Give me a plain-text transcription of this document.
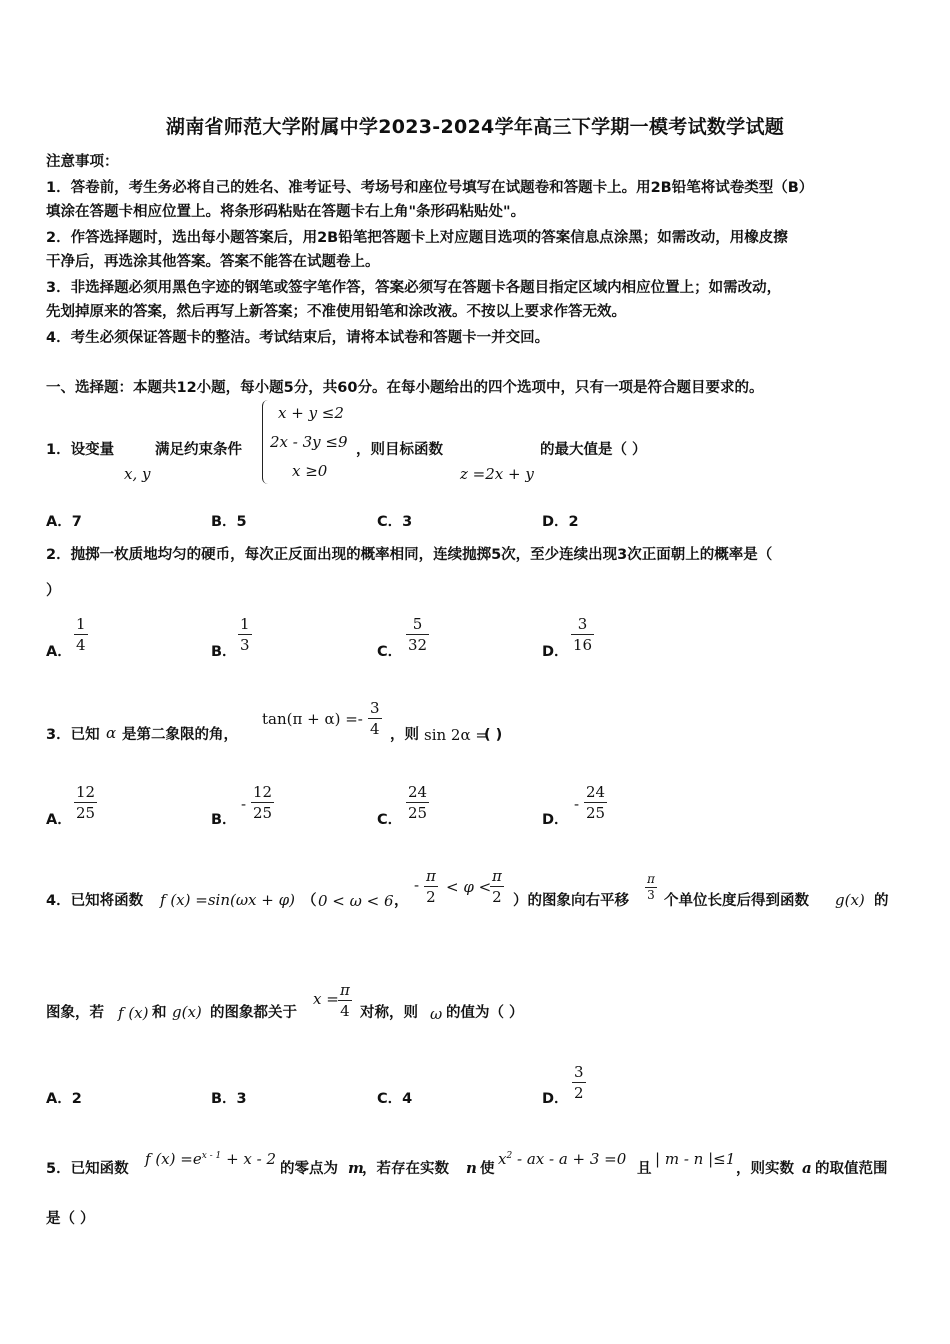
湖南省师范大学附属中学2023-2024学年高三下学期一模考试数学试题
注意事项：
1．答卷前，考生务必将自己的姓名、准考证号、考场号和座位号填写在试题卷和答题卡上。用2B铅笔将试卷类型（B）
填涂在答题卡相应位置上。将条形码粘贴在答题卡右上角"条形码粘贴处"。
2．作答选择题时，选出每小题答案后，用2B铅笔把答题卡上对应题目选项的答案信息点涂黑；如需改动，用橡皮擦
干净后，再选涂其他答案。答案不能答在试题卷上。
3．非选择题必须用黑色字迹的钢笔或签字笔作答，答案必须写在答题卡各题目指定区域内相应位置上；如需改动，
先划掉原来的答案，然后再写上新答案；不准使用铅笔和涂改液。不按以上要求作答无效。
4．考生必须保证答题卡的整洁。考试结束后，请将本试卷和答题卡一并交回。
一、选择题：本题共12小题，每小题5分，共60分。在每小题给出的四个选项中，只有一项是符合题目要求的。
1．设变量
x, y
满足约束条件
x + y ≤2
2x - 3y ≤9
x ≥0
，则目标函数
z =2x + y
的最大值是（ ）
A．7	B．5	C．3	D．2
2．抛掷一枚质地均匀的硬币，每次正反面出现的概率相同，连续抛掷5次，至少连续出现3次正面朝上的概率是（
）
A． $\frac{1}{4}$	B． $\frac{1}{3}$	C． $\frac{5}{32}$	D． $\frac{3}{16}$
3．已知 α 是第二象限的角，
$\tan(\pi + \alpha) =- \frac{3}{4}$ ，则 sin 2α =
( )
A． $\frac{12}{25}$	B．
- $\frac{12}{25}$	C． $\frac{24}{25}$	D．
- $\frac{24}{25}$
4．已知将函数 f (x) =sin(ωx + φ) （ 0 < ω < 6 ，
- $\frac{\pi}{2} < \varphi$ <
$\frac{\pi}{2}$ ）的图象向右平移 $\frac{\pi}{3}$ 个单位长度后得到函数 g(x) 的
图象，若 f (x) 和 g(x) 的图象都关于
$x = \frac{\pi}{4}$ 对称，则 ω 的值为（ ）
A．2	B．3	C．4	D． $\frac{3}{2}$
5．已知函数
f $(x) =e^{x - 1} + x - 2$
的零点为 m
，若存在实数 n 使
$x^2$ - ax - a + 3 =0
且
| m - n |≤1
，则实数 a 的取值范围
是（ ）
